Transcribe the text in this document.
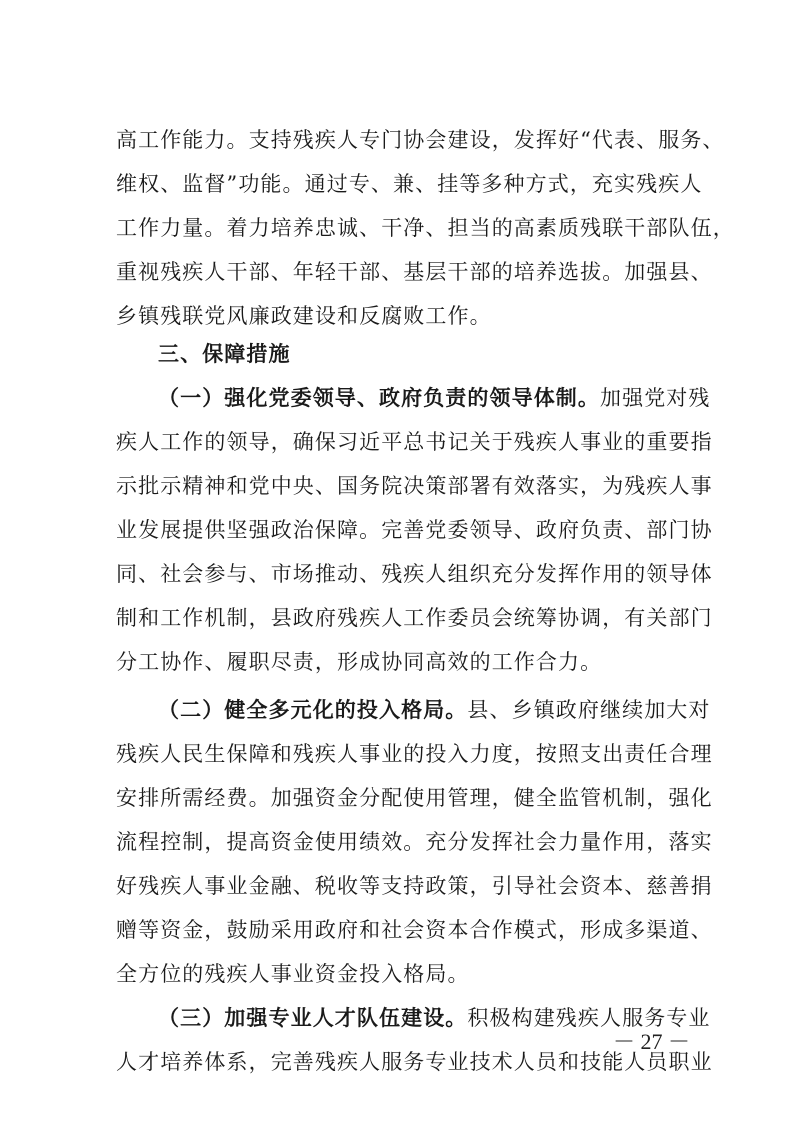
高工作能力。支持残疾人专门协会建设，发挥好“代表、服务、
维权、监督”功能。通过专、兼、挂等多种方式，充实残疾人
工作力量。着力培养忠诚、干净、担当的高素质残联干部队伍，
重视残疾人干部、年轻干部、基层干部的培养选拔。加强县、
乡镇残联党风廉政建设和反腐败工作。
三、保障措施
（一）强化党委领导、政府负责的领导体制。加强党对残
疾人工作的领导，确保习近平总书记关于残疾人事业的重要指
示批示精神和党中央、国务院决策部署有效落实，为残疾人事
业发展提供坚强政治保障。完善党委领导、政府负责、部门协
同、社会参与、市场推动、残疾人组织充分发挥作用的领导体
制和工作机制，县政府残疾人工作委员会统筹协调，有关部门
分工协作、履职尽责，形成协同高效的工作合力。
（二）健全多元化的投入格局。县、乡镇政府继续加大对
残疾人民生保障和残疾人事业的投入力度，按照支出责任合理
安排所需经费。加强资金分配使用管理，健全监管机制，强化
流程控制，提高资金使用绩效。充分发挥社会力量作用，落实
好残疾人事业金融、税收等支持政策，引导社会资本、慈善捐
赠等资金，鼓励采用政府和社会资本合作模式，形成多渠道、
全方位的残疾人事业资金投入格局。
（三）加强专业人才队伍建设。积极构建残疾人服务专业
人才培养体系，完善残疾人服务专业技术人员和技能人员职业
－ 27 －
